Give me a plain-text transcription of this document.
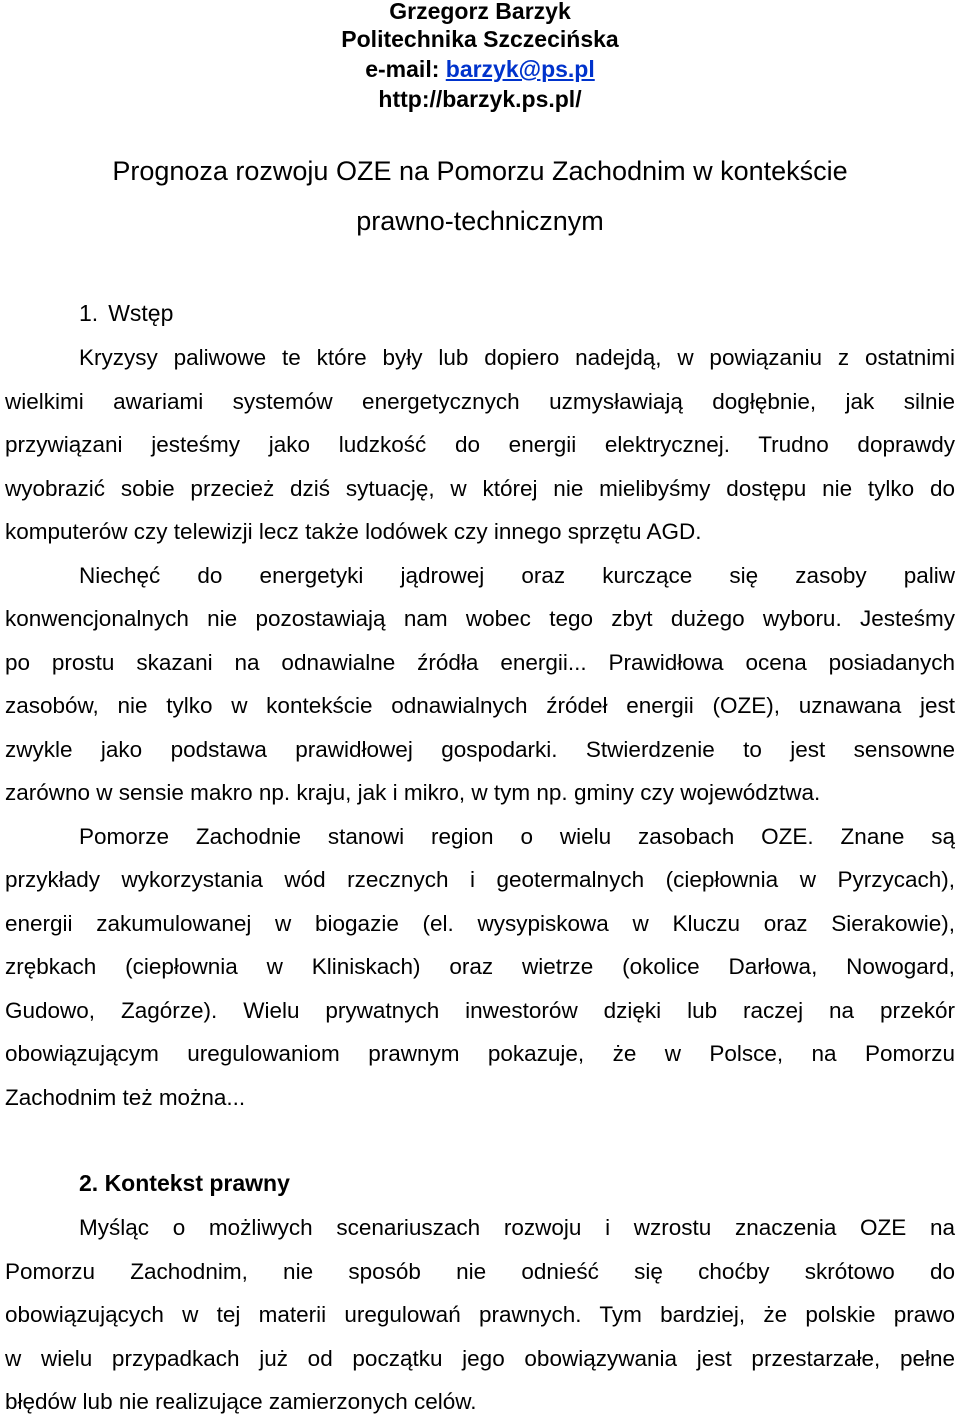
Grzegorz Barzyk
Politechnika Szczecińska
e-mail: barzyk@ps.pl
http://barzyk.ps.pl/
Prognoza rozwoju OZE na Pomorzu Zachodnim w kontekście
prawno-technicznym
1. Wstęp
Kryzysy paliwowe te które były lub dopiero nadejdą, w powiązaniu z ostatnimi
wielkimi awariami systemów energetycznych uzmysławiają dogłębnie, jak silnie
przywiązani jesteśmy jako ludzkość do energii elektrycznej. Trudno doprawdy
wyobrazić sobie przecież dziś sytuację, w której nie mielibyśmy dostępu nie tylko do
komputerów czy telewizji lecz także lodówek czy innego sprzętu AGD.
Niechęć do energetyki jądrowej oraz kurczące się zasoby paliw
konwencjonalnych nie pozostawiają nam wobec tego zbyt dużego wyboru. Jesteśmy
po prostu skazani na odnawialne źródła energii... Prawidłowa ocena posiadanych
zasobów, nie tylko w kontekście odnawialnych źródeł energii (OZE), uznawana jest
zwykle jako podstawa prawidłowej gospodarki. Stwierdzenie to jest sensowne
zarówno w sensie makro np. kraju, jak i mikro, w tym np. gminy czy województwa.
Pomorze Zachodnie stanowi region o wielu zasobach OZE. Znane są
przykłady wykorzystania wód rzecznych i geotermalnych (ciepłownia w Pyrzycach),
energii zakumulowanej w biogazie (el. wysypiskowa w Kluczu oraz Sierakowie),
zrębkach (ciepłownia w Kliniskach) oraz wietrze (okolice Darłowa, Nowogard,
Gudowo, Zagórze). Wielu prywatnych inwestorów dzięki lub raczej na przekór
obowiązującym uregulowaniom prawnym pokazuje, że w Polsce, na Pomorzu
Zachodnim też można...
2. Kontekst prawny
Myśląc o możliwych scenariuszach rozwoju i wzrostu znaczenia OZE na
Pomorzu Zachodnim, nie sposób nie odnieść się choćby skrótowo do
obowiązujących w tej materii uregulowań prawnych. Tym bardziej, że polskie prawo
w wielu przypadkach już od początku jego obowiązywania jest przestarzałe, pełne
błędów lub nie realizujące zamierzonych celów.
